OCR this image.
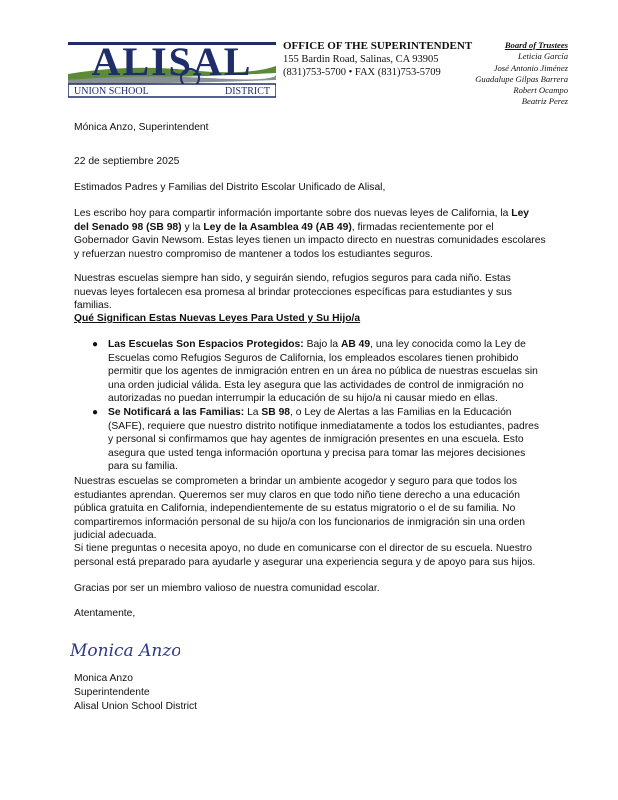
ALISAL
UNION SCHOOL	DISTRICT
OFFICE OF THE SUPERINTENDENT
155 Bardin Road, Salinas, CA 93905
(831)753-5700 • FAX (831)753-5709
Board of Trustees
Leticia García
José Antonio Jiménez
Guadalupe Gilpas Barrera
Robert Ocampo
Beatriz Perez
Mónica Anzo, Superintendent
22 de septiembre 2025
Estimados Padres y Familias del Distrito Escolar Unificado de Alisal,
Les escribo hoy para compartir información importante sobre dos nuevas leyes de California, la Ley del Senado 98 (SB 98) y la Ley de la Asamblea 49 (AB 49), firmadas recientemente por el Gobernador Gavin Newsom. Estas leyes tienen un impacto directo en nuestras comunidades escolares y refuerzan nuestro compromiso de mantener a todos los estudiantes seguros.
Nuestras escuelas siempre han sido, y seguirán siendo, refugios seguros para cada niño. Estas nuevas leyes fortalecen esa promesa al brindar protecciones específicas para estudiantes y sus familias.
Qué Significan Estas Nuevas Leyes Para Usted y Su Hijo/a
● Las Escuelas Son Espacios Protegidos: Bajo la AB 49, una ley conocida como la Ley de Escuelas como Refugios Seguros de California, los empleados escolares tienen prohibido permitir que los agentes de inmigración entren en un área no pública de nuestras escuelas sin una orden judicial válida. Esta ley asegura que las actividades de control de inmigración no autorizadas no puedan interrumpir la educación de su hijo/a ni causar miedo en ellas.
● Se Notificará a las Familias: La SB 98, o Ley de Alertas a las Familias en la Educación (SAFE), requiere que nuestro distrito notifique inmediatamente a todos los estudiantes, padres y personal si confirmamos que hay agentes de inmigración presentes en una escuela. Esto asegura que usted tenga información oportuna y precisa para tomar las mejores decisiones para su familia.
Nuestras escuelas se comprometen a brindar un ambiente acogedor y seguro para que todos los estudiantes aprendan. Queremos ser muy claros en que todo niño tiene derecho a una educación pública gratuita en California, independientemente de su estatus migratorio o el de su familia. No compartiremos información personal de su hijo/a con los funcionarios de inmigración sin una orden judicial adecuada.
Si tiene preguntas o necesita apoyo, no dude en comunicarse con el director de su escuela. Nuestro personal está preparado para ayudarle y asegurar una experiencia segura y de apoyo para sus hijos.
Gracias por ser un miembro valioso de nuestra comunidad escolar.
Atentamente,
Monica Anzo
Monica Anzo
Superintendente
Alisal Union School District
